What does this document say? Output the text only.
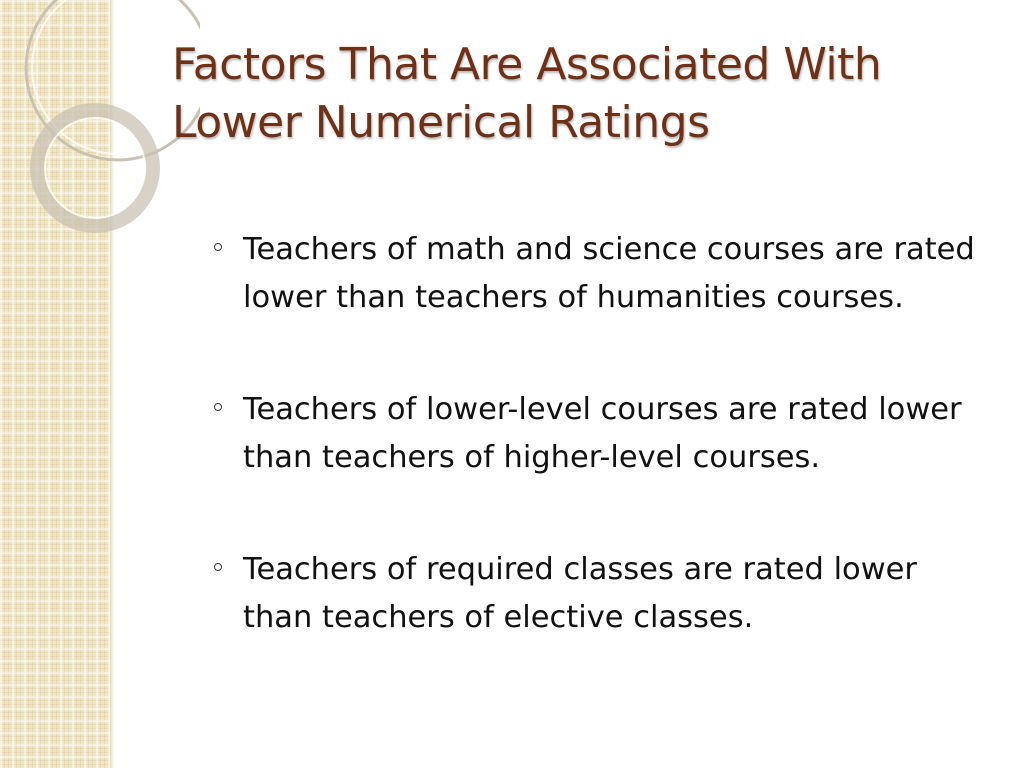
Factors That Are Associated With Lower Numerical Ratings
Teachers of math and science courses are rated lower than teachers of humanities courses.
Teachers of lower-level courses are rated lower than teachers of higher-level courses.
Teachers of required classes are rated lower than teachers of elective classes.
